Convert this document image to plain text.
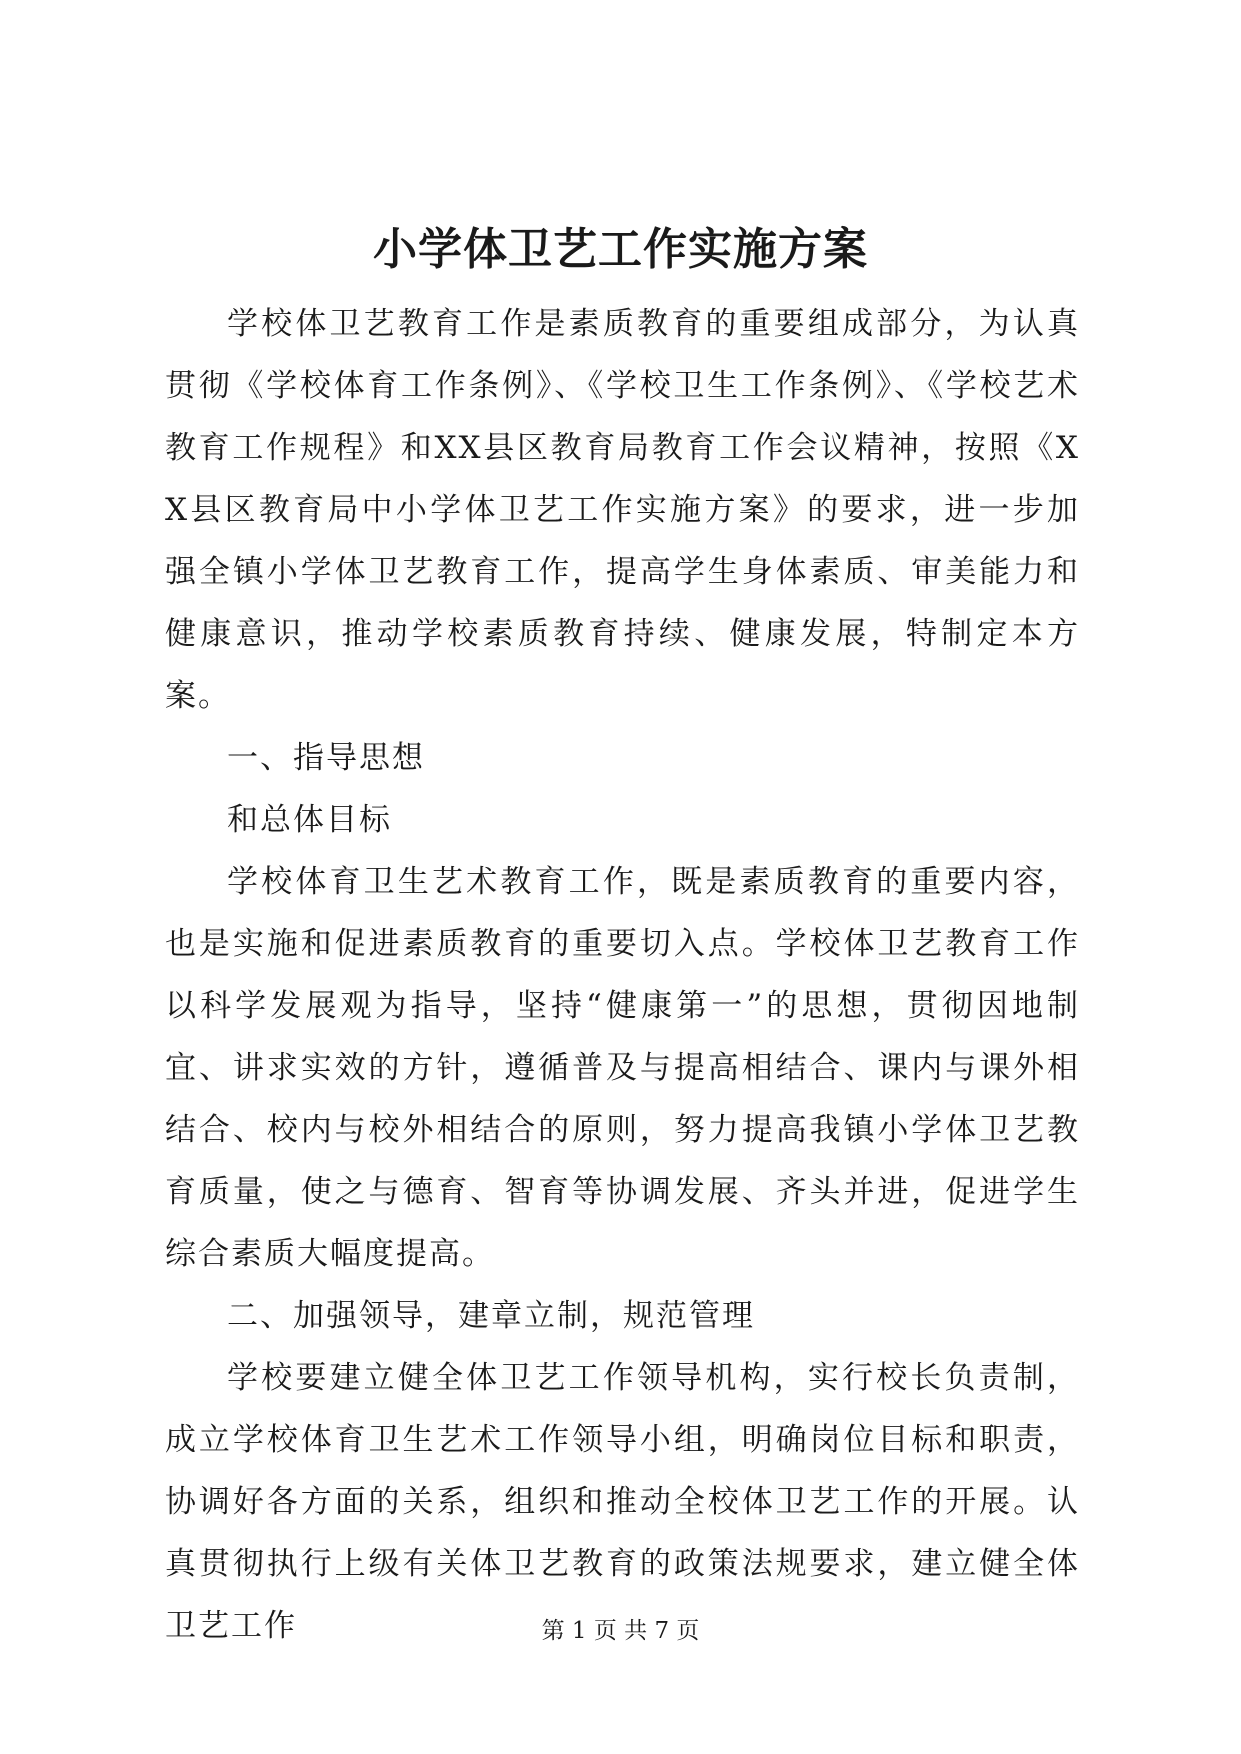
小学体卫艺工作实施方案

学校体卫艺教育工作是素质教育的重要组成部分，为认真贯彻《学校体育工作条例》、《学校卫生工作条例》、《学校艺术教育工作规程》和XX县区教育局教育工作会议精神，按照《XX县区教育局中小学体卫艺工作实施方案》的要求，进一步加强全镇小学体卫艺教育工作，提高学生身体素质、审美能力和健康意识，推动学校素质教育持续、健康发展，特制定本方案。

一、指导思想

和总体目标

学校体育卫生艺术教育工作，既是素质教育的重要内容，也是实施和促进素质教育的重要切入点。学校体卫艺教育工作以科学发展观为指导，坚持“健康第一”的思想，贯彻因地制宜、讲求实效的方针，遵循普及与提高相结合、课内与课外相结合、校内与校外相结合的原则，努力提高我镇小学体卫艺教育质量，使之与德育、智育等协调发展、齐头并进，促进学生综合素质大幅度提高。

二、加强领导，建章立制，规范管理

学校要建立健全体卫艺工作领导机构，实行校长负责制，成立学校体育卫生艺术工作领导小组，明确岗位目标和职责，协调好各方面的关系，组织和推动全校体卫艺工作的开展。认真贯彻执行上级有关体卫艺教育的政策法规要求，建立健全体卫艺工作	第 1 页 共 7 页
